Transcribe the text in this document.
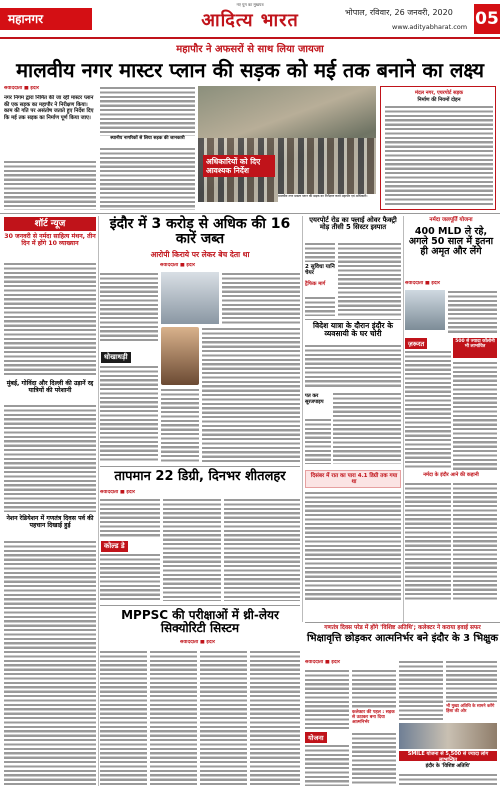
महानगर
नए युग का मुखपत्र
आदित्य भारत	भोपाल, रविवार, 26 जनवरी, 2020
www.adityabharat.com 05
महापौर ने अफसरों से साथ लिया जायजा
मालवीय नगर मास्टर प्लान की सड़क को मई तक बनाने का लक्ष्य
संवाददाता ■ इंदौर
नगर निगम द्वारा निर्मित की जा रही मास्टर प्लान की एक सड़क का महापौर ने निरीक्षण किया। काम की गति पर असंतोष जताते हुए निर्देश दिए कि मई तक सड़क का निर्माण पूर्ण किया जाए।
स्थानीय नागरिकों से लिया सड़क की जानकारी
अधिकारियों को दिए आवश्यक निर्देश
मालवीय नगर मास्टर प्लान की सड़क का निरीक्षण करते महापौर एवं अधिकारी।
मंदल नगर, एयरपोर्ट सड़क
निर्माण की नियमों दोहन
शॉर्ट न्यूज
30 जनवरी से नर्मदा साहित्य मंथन, तीन दिन में होंगे 10 व्याख्यान
मुंबई, गोविंदा और दिल्ली की उड़ानें रद्द यात्रियों की परेशानी
नेशन रेडियेशन में गणतंत्र दिवस पर्व की पहचान दिखाई हुई
इंदौर में 3 करोड़ से अधिक की 16 कारें जब्त
आरोपी किराये पर लेकर बेच देता था
संवाददाता ■ इंदौर
धोखाधड़ी
तापमान 22 डिग्री, दिनभर शीतलहर
संवाददाता ■ इंदौर
कोल्ड डे
MPPSC की परीक्षाओं में थ्री-लेयर सिक्योरिटी सिस्टम
संवाददाता ■ इंदौर
एयरपोर्ट रोड का फ्लाई ओवर फैक्ट्री मोड़ तीसी 5 सिस्टर इस्पात
2 सुविधा यानि चेयर
ट्रैफिक मार्ग
विदेश यात्रा के दौरान इंदौर के व्यवसायी के घर चोरी
पत कर सूरजपाइप
दिसंबर में रात का पारा 4.1 डिग्री तक गया था
नर्मदा जलपूर्ति योजना
400 MLD ले रहे, अगले 50 साल में इतना ही अमृत और लेंगे
संवाददाता ■ इंदौर
ज़रूरत	500 से ज्यादा कॉलोनी भी लाभांवित
नर्मदा के इंदौर आने की कहानी
गणतंत्र दिवस परेड में होंगे 'विशिष्ट अतिथि'; कलेक्टर ने कराया हवाई सफर
भिक्षावृत्ति छोड़कर आत्मनिर्भर बने इंदौर के 3 भिक्षुक
संवाददाता ■ इंदौर
योजना
कलेक्टर की पहल : सड़क से उठाकर बना दिया आत्मनिर्भर
भी मुख्य अतिथि के सामने करेंगे हिंसा की ओर
SMILE योजना से 5,500 से ज्यादा लोग लाभान्वित
इंदौर के 'विशिष्ट अतिथि'
